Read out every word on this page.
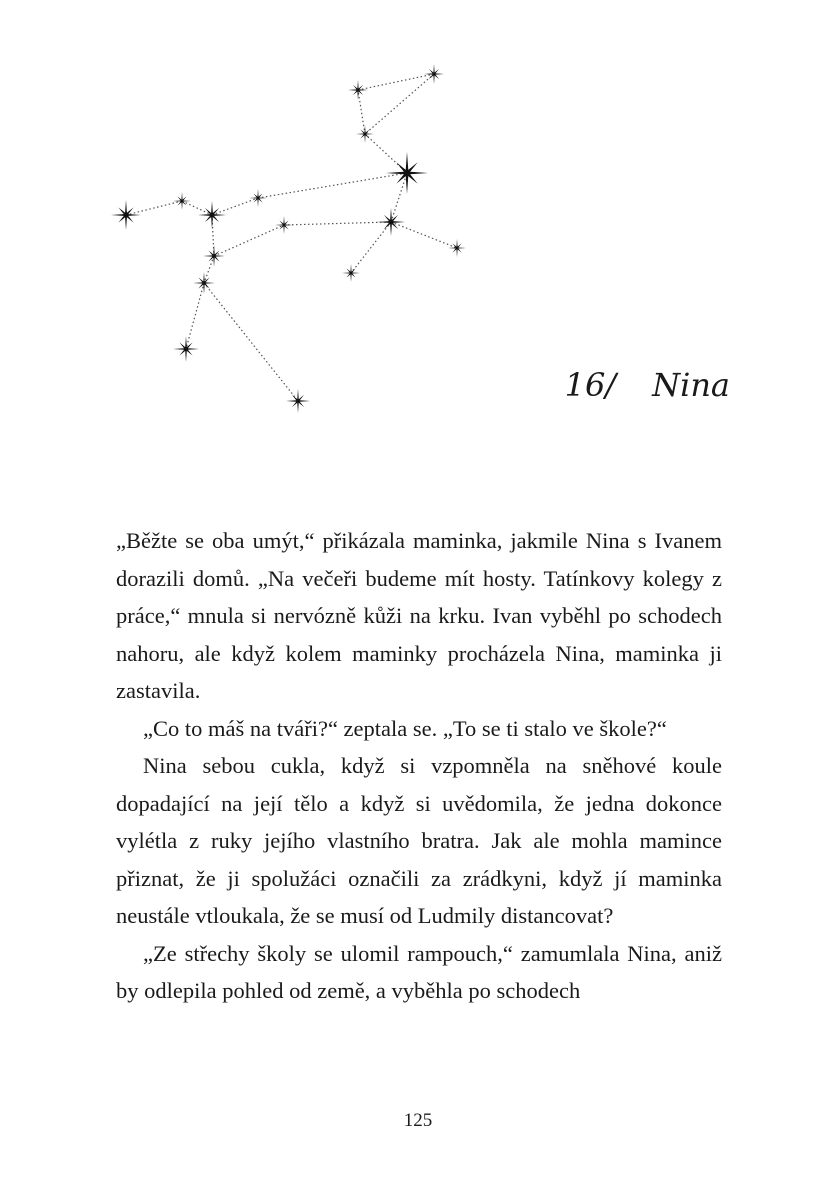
16/ Nina

„Běžte se oba umýt,“ přikázala maminka, jakmile Nina s Ivanem dorazili domů. „Na večeři budeme mít hosty. Tatínkovy kolegy z práce,“ mnula si nervózně kůži na krku. Ivan vyběhl po schodech nahoru, ale když kolem maminky procházela Nina, maminka ji zastavila.

„Co to máš na tváři?“ zeptala se. „To se ti stalo ve škole?“

Nina sebou cukla, když si vzpomněla na sněhové koule dopadající na její tělo a když si uvědomila, že jedna dokonce vylétla z ruky jejího vlastního bratra. Jak ale mohla mamince přiznat, že ji spolužáci označili za zrádkyni, když jí maminka neustále vtloukala, že se musí od Ludmily distancovat?

„Ze střechy školy se ulomil rampouch,“ zamumlala Nina, aniž by odlepila pohled od země, a vyběhla po schodech

125
